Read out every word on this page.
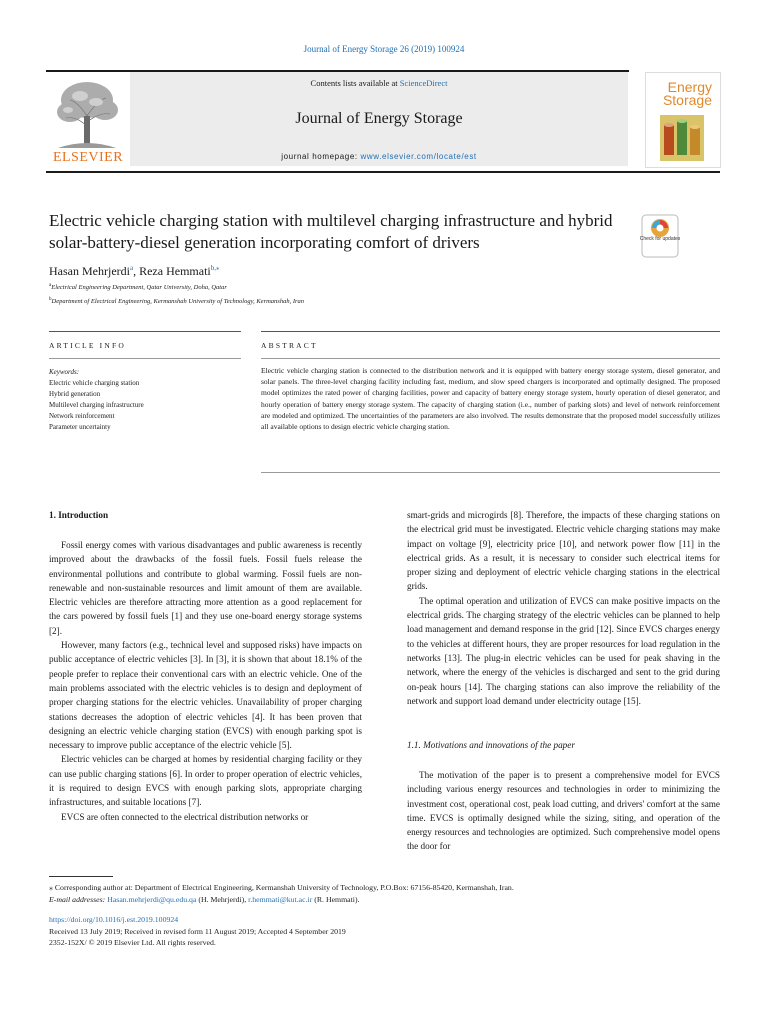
Journal of Energy Storage 26 (2019) 100924
ELSEVIER
Contents lists available at ScienceDirect
Journal of Energy Storage
journal homepage: www.elsevier.com/locate/est
Energy
Storage
Electric vehicle charging station with multilevel charging infrastructure and hybrid solar-battery-diesel generation incorporating comfort of drivers	Check for updates
Hasan Mehrjerdi$^a$, Reza Hemmati$^{b,⁎}$
$^a$Electrical Engineering Department, Qatar University, Doha, Qatar
$^b$Department of Electrical Engineering, Kermanshah University of Technology, Kermanshah, Iran
ARTICLE INFO	ABSTRACT
Keywords:
Electric vehicle charging station
Hybrid generation
Multilevel charging infrastructure
Network reinforcement
Parameter uncertainty
Electric vehicle charging station is connected to the distribution network and it is equipped with battery energy storage system, diesel generator, and solar panels. The three-level charging facility including fast, medium, and slow speed chargers is incorporated and optimally designed. The proposed model optimizes the rated power of charging facilities, power and capacity of battery energy storage system, hourly operation of diesel generator, and hourly operation of battery energy storage system. The capacity of charging station (i.e., number of parking slots) and level of network reinforcement are modeled and optimized. The uncertainties of the parameters are also involved. The results demonstrate that the proposed model successfully utilizes all available options to design electric vehicle charging station.
1. Introduction

Fossil energy comes with various disadvantages and public awareness is recently improved about the drawbacks of the fossil fuels. Fossil fuels release the environmental pollutions and contribute to global warming. Fossil fuels are non-renewable and non-sustainable resources and limit amount of them are available. Electric vehicles are therefore attracting more attention as a good replacement for the cars powered by fossil fuels [1] and they use one-board energy storage systems [2].

However, many factors (e.g., technical level and supposed risks) have impacts on public acceptance of electric vehicles [3]. In [3], it is shown that about 18.1% of the people prefer to replace their conventional cars with an electric vehicle. One of the main problems associated with the electric vehicles is to design and deployment of proper charging stations for the electric vehicles. Unavailability of proper charging stations decreases the adoption of electric vehicles [4]. It has been proven that designing an electric vehicle charging station (EVCS) with enough parking spot is necessary to improve public acceptance of the electric vehicle [5].

Electric vehicles can be charged at homes by residential charging facility or they can use public charging stations [6]. In order to proper operation of electric vehicles, it is required to design EVCS with enough parking slots, appropriate charging infrastructures, and suitable locations [7].

EVCS are often connected to the electrical distribution networks or

smart-grids and microgirds [8]. Therefore, the impacts of these charging stations on the electrical grid must be investigated. Electric vehicle charging stations may make impact on voltage [9], electricity price [10], and network power flow [11] in the electrical grids. As a result, it is necessary to consider such electrical items for proper sizing and deployment of electric vehicle charging stations in the electrical grids.

The optimal operation and utilization of EVCS can make positive impacts on the electrical grids. The charging strategy of the electric vehicles can be planned to help load management and demand response in the grid [12]. Since EVCS charges energy to the vehicles at different hours, they are proper resources for load regulation in the networks [13]. The plug-in electric vehicles can be used for peak shaving in the network, where the energy of the vehicles is discharged and sent to the grid during on-peak hours [14]. The charging stations can also improve the reliability of the network and support load demand under electricity outage [15].

1.1. Motivations and innovations of the paper

The motivation of the paper is to present a comprehensive model for EVCS including various energy resources and technologies in order to minimizing the investment cost, operational cost, peak load cutting, and drivers' comfort at the same time. EVCS is optimally designed while the sizing, siting, and operation of the energy resources and technologies are optimized. Such comprehensive model opens the door for

⁎ Corresponding author at: Department of Electrical Engineering, Kermanshah University of Technology, P.O.Box: 67156-85420, Kermanshah, Iran.
E-mail addresses: Hasan.mehrjerdi@qu.edu.qa (H. Mehrjerdi), r.hemmati@kut.ac.ir (R. Hemmati).
https://doi.org/10.1016/j.est.2019.100924
Received 13 July 2019; Received in revised form 11 August 2019; Accepted 4 September 2019
2352-152X/ © 2019 Elsevier Ltd. All rights reserved.
